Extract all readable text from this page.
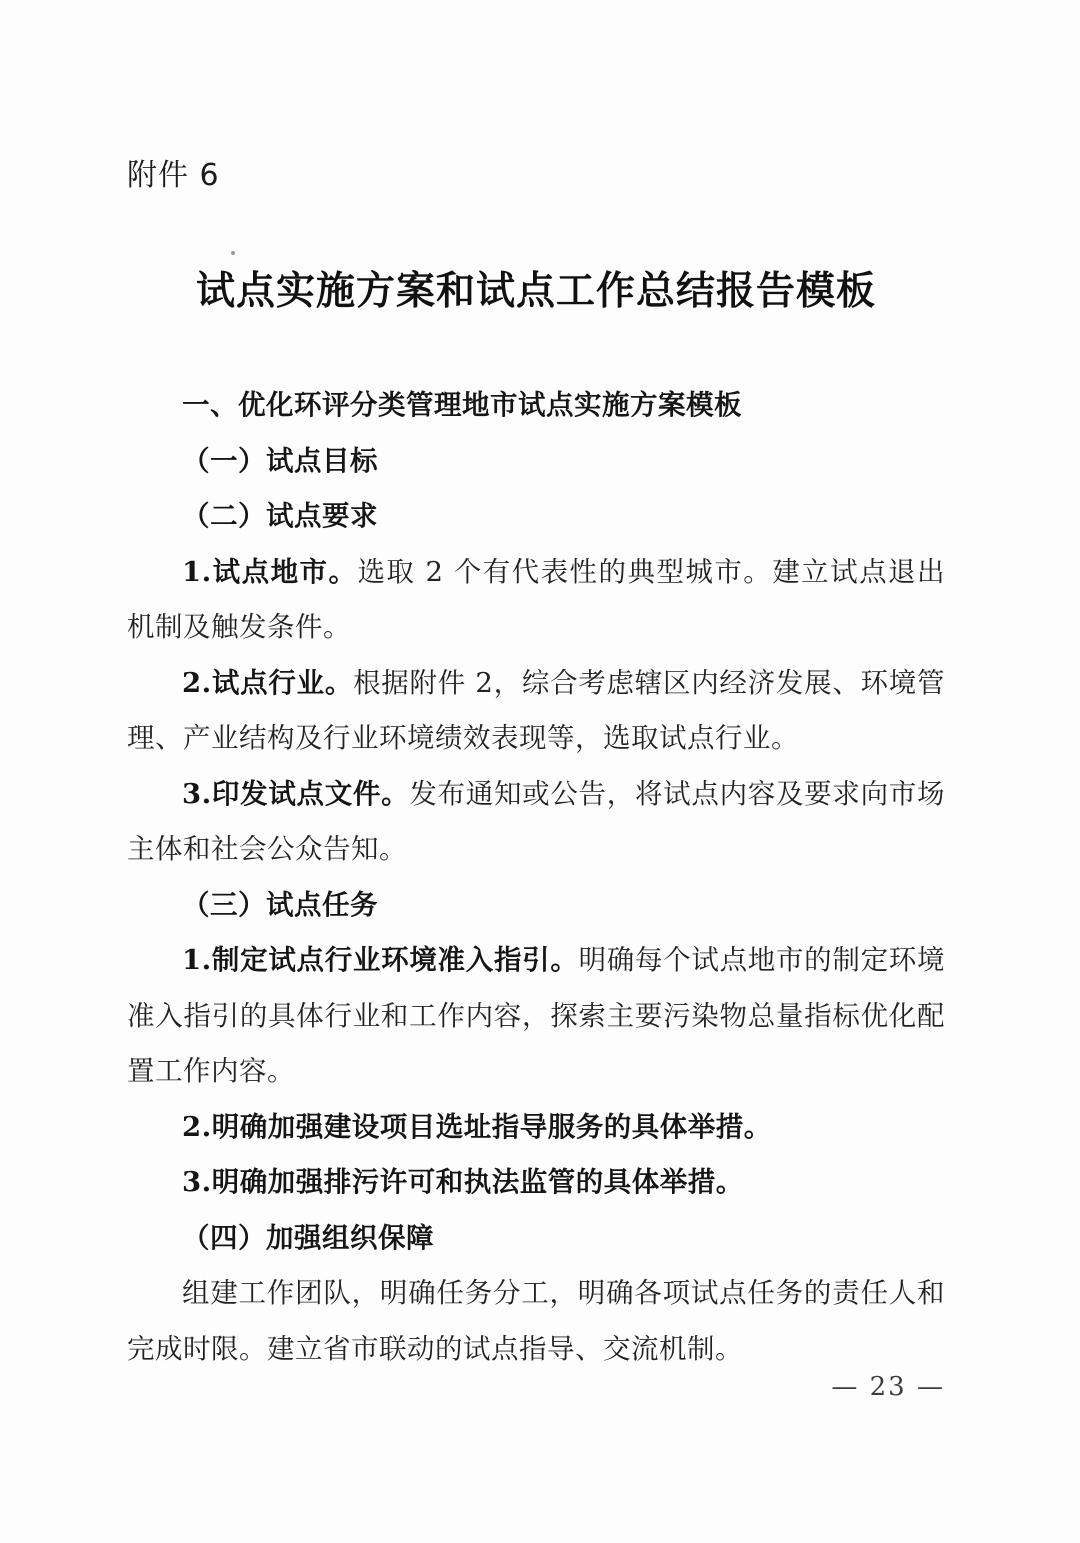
附件 6
试点实施方案和试点工作总结报告模板
一、优化环评分类管理地市试点实施方案模板
（一）试点目标
（二）试点要求

1.试点地市。选取 2 个有代表性的典型城市。建立试点退出机制及触发条件。

2.试点行业。根据附件 2，综合考虑辖区内经济发展、环境管理、产业结构及行业环境绩效表现等，选取试点行业。

3.印发试点文件。发布通知或公告，将试点内容及要求向市场主体和社会公众告知。

（三）试点任务

1.制定试点行业环境准入指引。明确每个试点地市的制定环境准入指引的具体行业和工作内容，探索主要污染物总量指标优化配置工作内容。

2.明确加强建设项目选址指导服务的具体举措。

3.明确加强排污许可和执法监管的具体举措。

（四）加强组织保障

组建工作团队，明确任务分工，明确各项试点任务的责任人和完成时限。建立省市联动的试点指导、交流机制。

— 23 —
